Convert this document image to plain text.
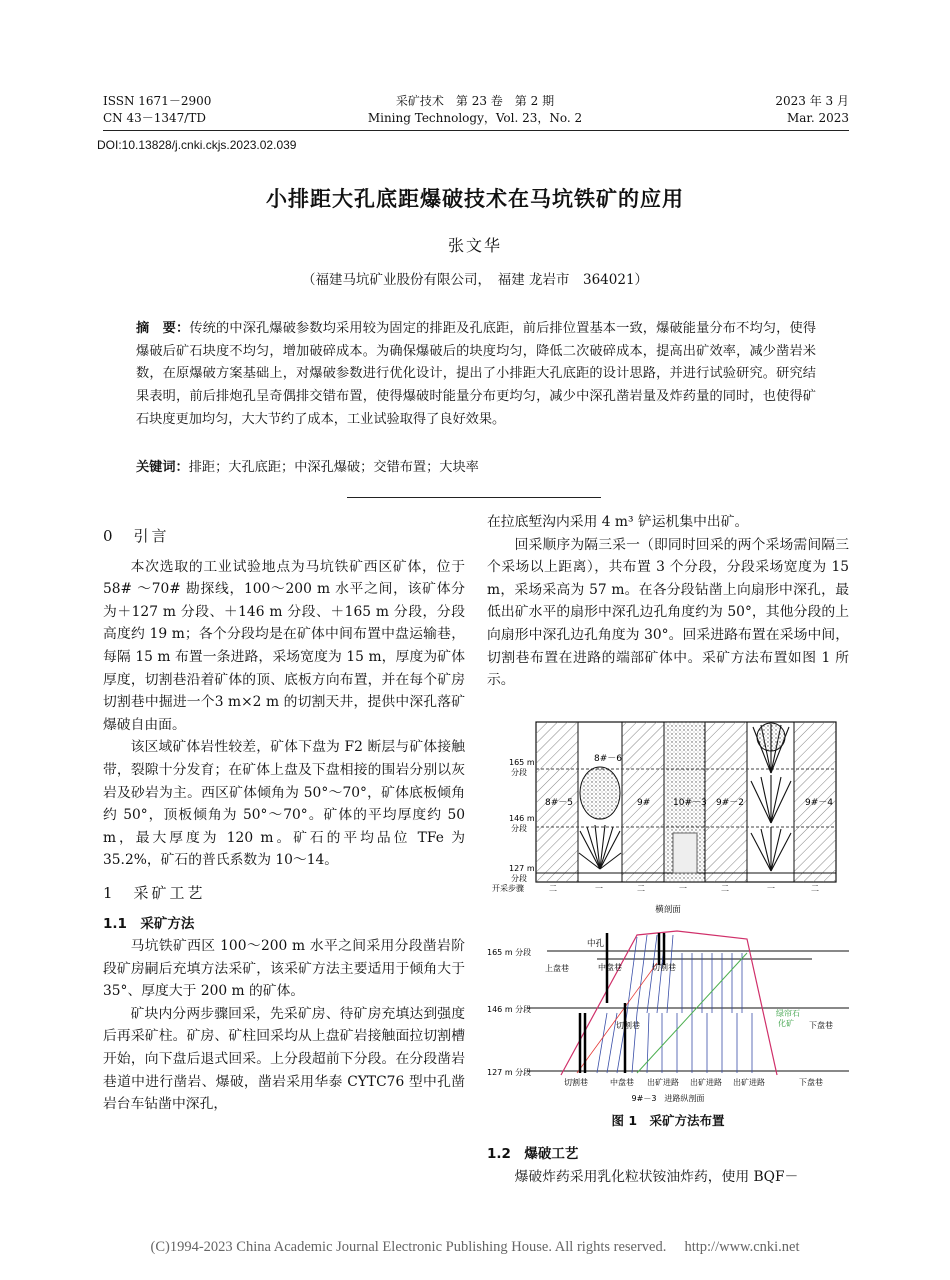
ISSN 1671－2900
CN 43－1347/TD
采矿技术　第 23 卷　第 2 期
Mining Technology，Vol. 23，No. 2
2023 年 3 月
Mar. 2023
DOI:10.13828/j.cnki.ckjs.2023.02.039
小排距大孔底距爆破技术在马坑铁矿的应用
张文华
（福建马坑矿业股份有限公司，　福建 龙岩市　364021）
摘　要：传统的中深孔爆破参数均采用较为固定的排距及孔底距，前后排位置基本一致，爆破能量分布不均匀，使得爆破后矿石块度不均匀，增加破碎成本。为确保爆破后的块度均匀，降低二次破碎成本，提高出矿效率，减少凿岩米数，在原爆破方案基础上，对爆破参数进行优化设计，提出了小排距大孔底距的设计思路，并进行试验研究。研究结果表明，前后排炮孔呈奇偶排交错布置，使得爆破时能量分布更均匀，减少中深孔凿岩量及炸药量的同时，也使得矿石块度更加均匀，大大节约了成本，工业试验取得了良好效果。
关键词：排距；大孔底距；中深孔爆破；交错布置；大块率
0　引言

本次选取的工业试验地点为马坑铁矿西区矿体，位于 58# ～70# 勘探线，100～200 m 水平之间，该矿体分为＋127 m 分段、＋146 m 分段、＋165 m 分段，分段高度约 19 m；各个分段均是在矿体中间布置中盘运输巷，每隔 15 m 布置一条进路，采场宽度为 15 m，厚度为矿体厚度，切割巷沿着矿体的顶、底板方向布置，并在每个矿房切割巷中掘进一个3 m×2 m 的切割天井，提供中深孔落矿爆破自由面。

该区域矿体岩性较差，矿体下盘为 F2 断层与矿体接触带，裂隙十分发育；在矿体上盘及下盘相接的围岩分别以灰岩及砂岩为主。西区矿体倾角为 50°～70°，矿体底板倾角约 50°，顶板倾角为 50°～70°。矿体的平均厚度约 50 m，最大厚度为 120 m。矿石的平均品位 TFe 为 35.2%，矿石的普氏系数为 10～14。

1　采矿工艺
1.1　采矿方法

马坑铁矿西区 100～200 m 水平之间采用分段凿岩阶段矿房嗣后充填方法采矿，该采矿方法主要适用于倾角大于 35°、厚度大于 200 m 的矿体。

矿块内分两步骤回采，先采矿房、待矿房充填达到强度后再采矿柱。矿房、矿柱回采均从上盘矿岩接触面拉切割槽开始，向下盘后退式回采。上分段超前下分段。在分段凿岩巷道中进行凿岩、爆破，凿岩采用华泰 CYTC76 型中孔凿岩台车钻凿中深孔，

在拉底堑沟内采用 4 m³ 铲运机集中出矿。

回采顺序为隔三采一（即同时回采的两个采场需间隔三个采场以上距离），共布置 3 个分段，分段采场宽度为 15 m，采场采高为 57 m。在各分段钻凿上向扇形中深孔，最低出矿水平的扇形中深孔边孔角度约为 50°，其他分段的上向扇形中深孔边孔角度为 30°。回采进路布置在采场中间，切割巷布置在进路的端部矿体中。采矿方法布置如图 1 所示。

8#－6
8#－5	9#	10#－3 9#－2	9#－4
165 m
分段
146 m
分段
127 m
分段
开采步骤	二	一	二	一	二	一	二
横剖面
165 m 分段
146 m 分段
127 m 分段
中孔
上盘巷	中盘巷	切割巷
切割巷
绿帘石
化矿 下盘巷
切割巷	中盘巷 出矿进路 出矿进路 出矿进路	下盘巷
9#－3　进路纵剖面
图 1　采矿方法布置
1.2　爆破工艺

爆破炸药采用乳化粒状铵油炸药，使用 BQF－

(C)1994-2023 China Academic Journal Electronic Publishing House. All rights reserved.　 http://www.cnki.net
